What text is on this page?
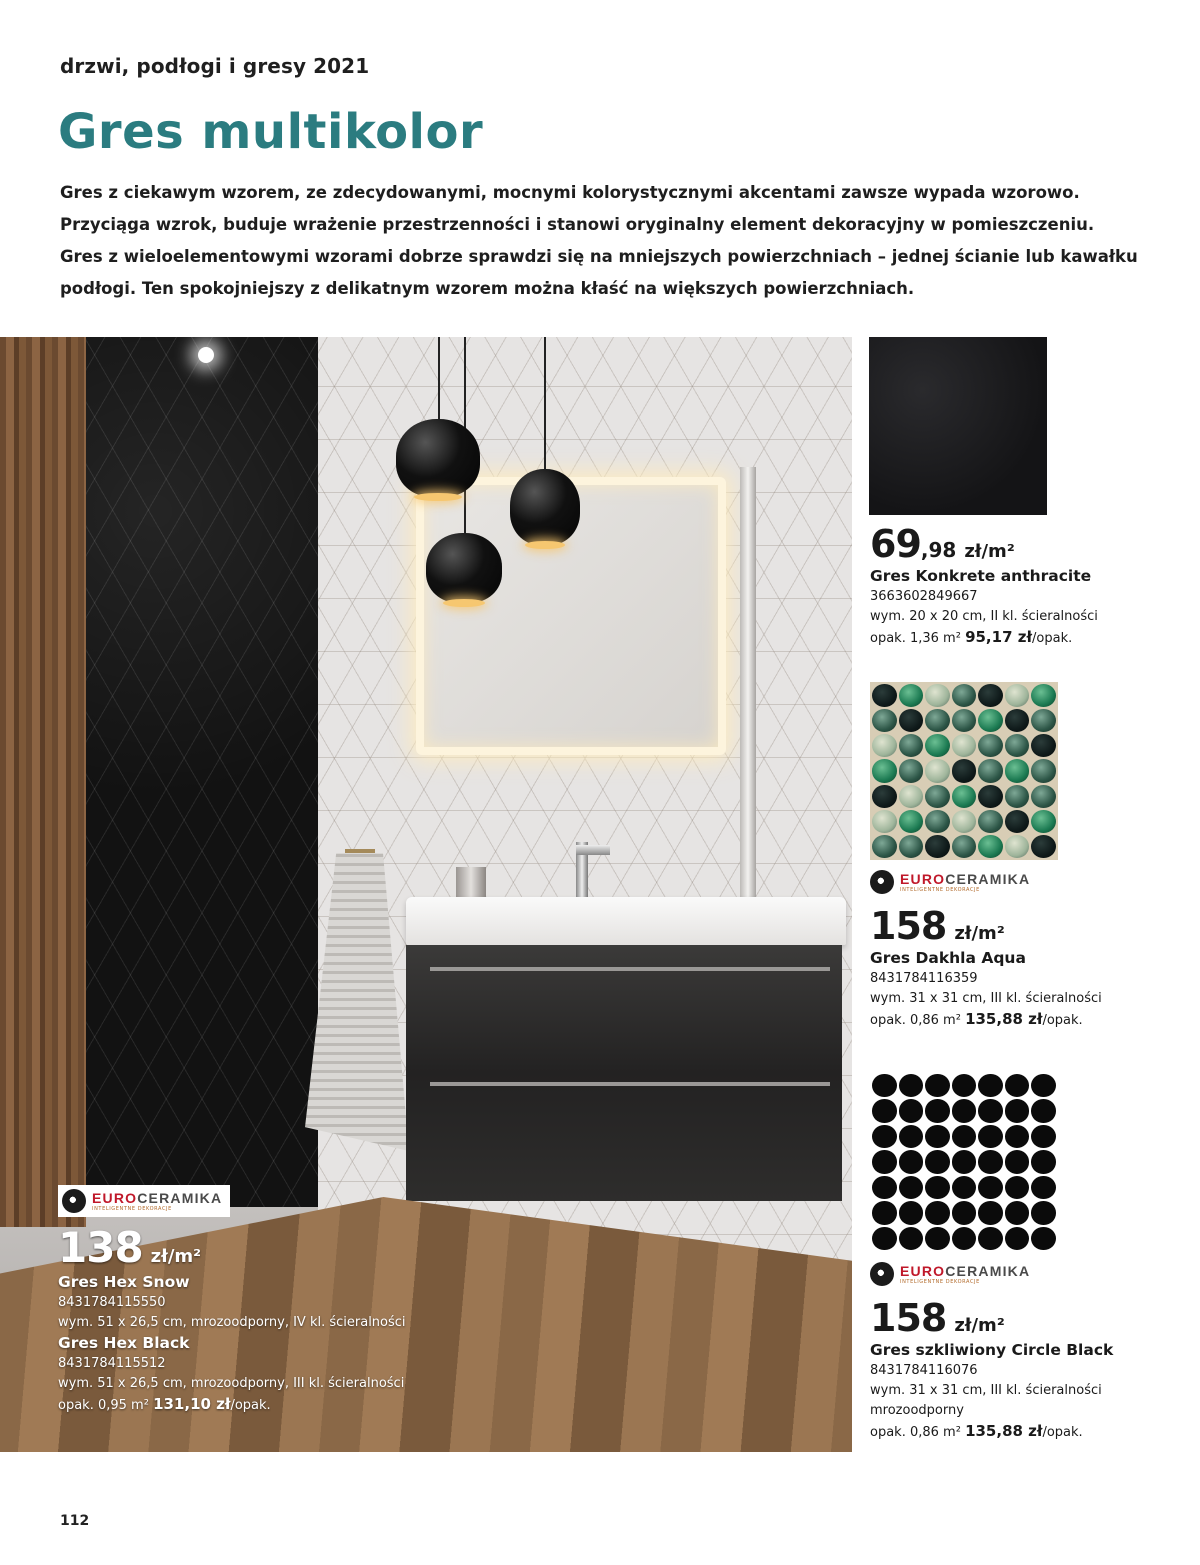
drzwi, podłogi i gresy 2021
Gres multikolor

Gres z ciekawym wzorem, ze zdecydowanymi, mocnymi kolorystycznymi akcentami zawsze wypada wzorowo.

Przyciąga wzrok, buduje wrażenie przestrzenności i stanowi oryginalny element dekoracyjny w pomieszczeniu.

Gres z wieloelementowymi wzorami dobrze sprawdzi się na mniejszych powierzchniach – jednej ścianie lub kawałku

podłogi. Ten spokojniejszy z delikatnym wzorem można kłaść na większych powierzchniach.

EUROCERAMIKA
INTELIGENTNE DEKORACJE
138 zł/m²
Gres Hex Snow
8431784115550
wym. 51 x 26,5 cm, mrozoodporny, IV kl. ścieralności
Gres Hex Black
8431784115512
wym. 51 x 26,5 cm, mrozoodporny, III kl. ścieralności
opak. 0,95 m² 131,10 zł/opak.
69 ,98 zł/m²
Gres Konkrete anthracite
3663602849667
wym. 20 x 20 cm, II kl. ścieralności
opak. 1,36 m² 95,17 zł/opak.
EUROCERAMIKA
INTELIGENTNE DEKORACJE
158 zł/m²
Gres Dakhla Aqua
8431784116359
wym. 31 x 31 cm, III kl. ścieralności
opak. 0,86 m² 135,88 zł/opak.
EUROCERAMIKA
INTELIGENTNE DEKORACJE
158 zł/m²
Gres szkliwiony Circle Black
8431784116076
wym. 31 x 31 cm, III kl. ścieralności
mrozoodporny
opak. 0,86 m² 135,88 zł/opak.
112
